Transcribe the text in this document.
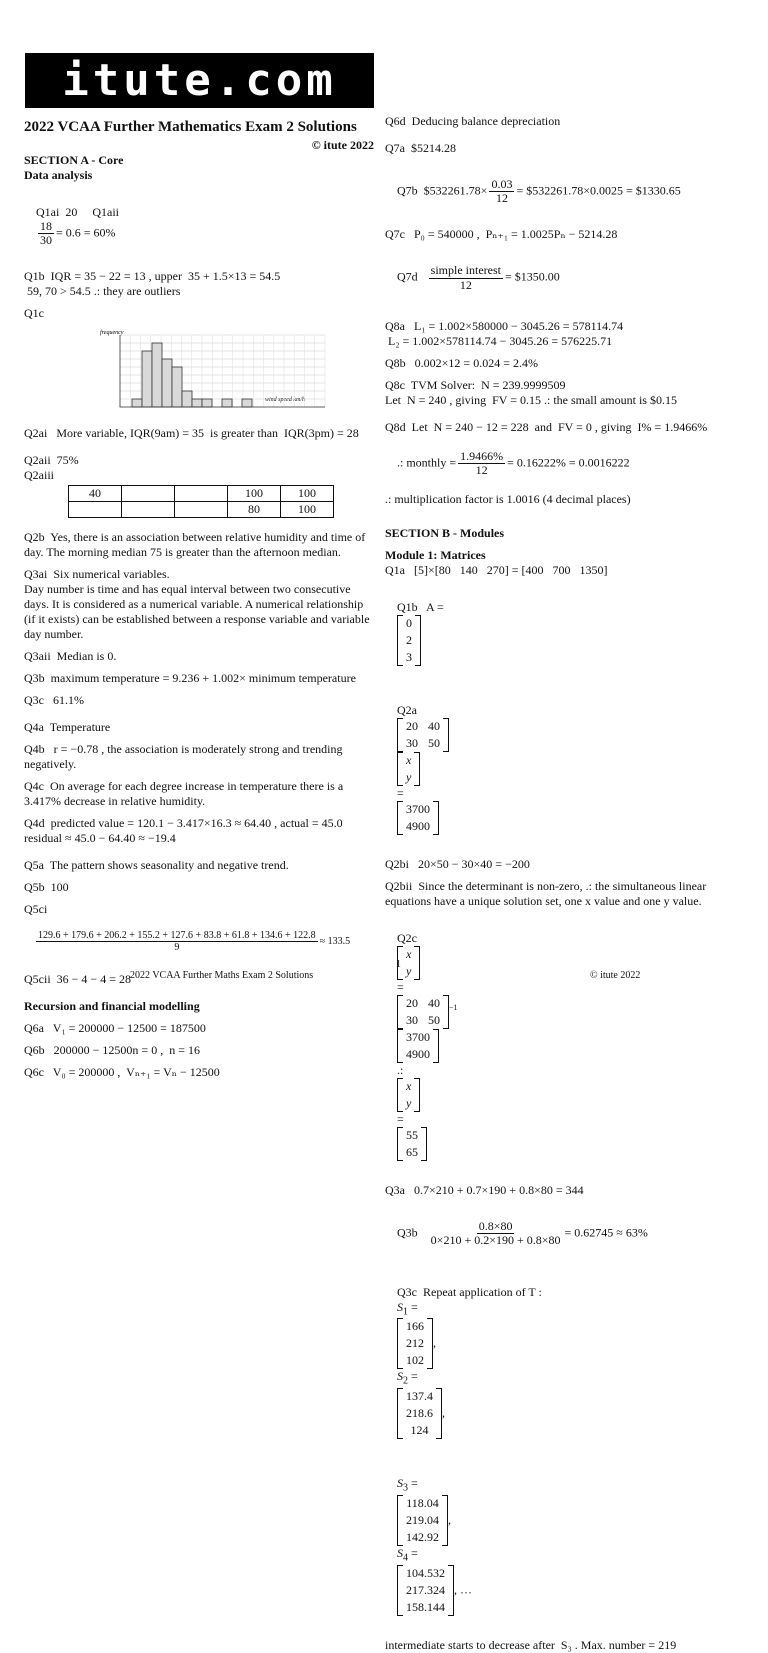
itute.com
2022 VCAA Further Mathematics Exam 2 Solutions
© itute 2022
SECTION A - Core
Data analysis

Q1ai  20 Q1aii

$\frac{18}{30} = 0.6 = 60\%$

Q1b  IQR = 35 − 22 = 13 , upper  35 + 1.5×13 = 54.5
59, 70 > 54.5 .: they are outliers
Q1c
frequency
wind speed km/h
Q2ai   More variable, IQR(9am) = 35  is greater than  IQR(3pm) = 28
Q2aii  75%
Q2aiii
40			100	100
			80	100
Q2b  Yes, there is an association between relative humidity and time of day. The morning median 75 is greater than the afternoon median.
Q3ai  Six numerical variables.
Day number is time and has equal interval between two consecutive days. It is considered as a numerical variable. A numerical relationship (if it exists) can be established between a response variable and variable day number.
Q3aii  Median is 0.
Q3b  maximum temperature = 9.236 + 1.002× minimum temperature
Q3c   61.1%
Q4a  Temperature
Q4b   r = −0.78 , the association is moderately strong and trending negatively.
Q4c  On average for each degree increase in temperature there is a 3.417% decrease in relative humidity.
Q4d  predicted value = 120.1 − 3.417×16.3 ≈ 64.40 , actual = 45.0
residual ≈ 45.0 − 64.40 ≈ −19.4
Q5a  The pattern shows seasonality and negative trend.
Q5b  100
Q5ci

129.6 + 179.6 + 206.2 + 155.2 + 127.6 + 83.8 + 61.8 + 134.6 + 122.8
9
≈ 133.5

Q5cii  36 − 4 − 4 = 28
Recursion and financial modelling
Q6a   V₁ = 200000 − 12500 = 187500
Q6b   200000 − 12500n = 0 ,  n = 16
Q6c   V₀ = 200000 ,  Vₙ₊₁ = Vₙ − 12500
Q6d  Deducing balance depreciation
Q7a  $5214.28

Q7b  $532261.78× $\frac{0.03}{12}$ = $532261.78×0.0025 = $1330.65

Q7c   P₀ = 540000 ,  Pₙ₊₁ = 1.0025Pₙ − 5214.28

$Q7d \frac{\text{simple interest}}{12}$ = $1350.00

Q8a   L₁ = 1.002×580000 − 3045.26 = 578114.74
L₂ = 1.002×578114.74 − 3045.26 = 576225.71
Q8b   0.002×12 = 0.024 = 2.4%
Q8c  TVM Solver:  N = 239.9999509
Let  N = 240 , giving  FV = 0.15 .: the small amount is $0.15
Q8d  Let  N = 240 − 12 = 228  and  FV = 0 , giving  I% = 1.9466%

.: monthly = $\frac{1.9466\%}{12} = 0.16222\% = 0.0016222$

.: multiplication factor is 1.0016 (4 decimal places)
SECTION B - Modules
Module 1: Matrices
Q1a   [5]×[80   140   270] = [400   700   1350]

Q1b   A =

0
2
3

Q2a

20 40
30 50

x
y

=

3700
4900

Q2bi   20×50 − 30×40 = −200
Q2bii  Since the determinant is non-zero, .: the simultaneous linear equations have a unique solution set, one x value and one y value.

Q2c

x
y

=

20 40
30 50
$^{-1}$

3700
4900

.:

x
y

=

55
65

Q3a   0.7×210 + 0.7×190 + 0.8×80 = 344

$Q3b \frac{0.8\times 80}{0\times 210 + 0.2\times 190 + 0.8\times 80} = 0.62745 \approx 63\%$

Q3c  Repeat application of T :
$S_1$ =

166
212
102
,
$S_2$ =

137.4
218.6
124
,

$S_3$ =

118.04
219.04
142.92
,
$S_4$ =

104.532
217.324
158.144
, …

intermediate starts to decrease after  S₃ . Max. number = 219
1
2022 VCAA Further Maths Exam 2 Solutions	© itute 2022
